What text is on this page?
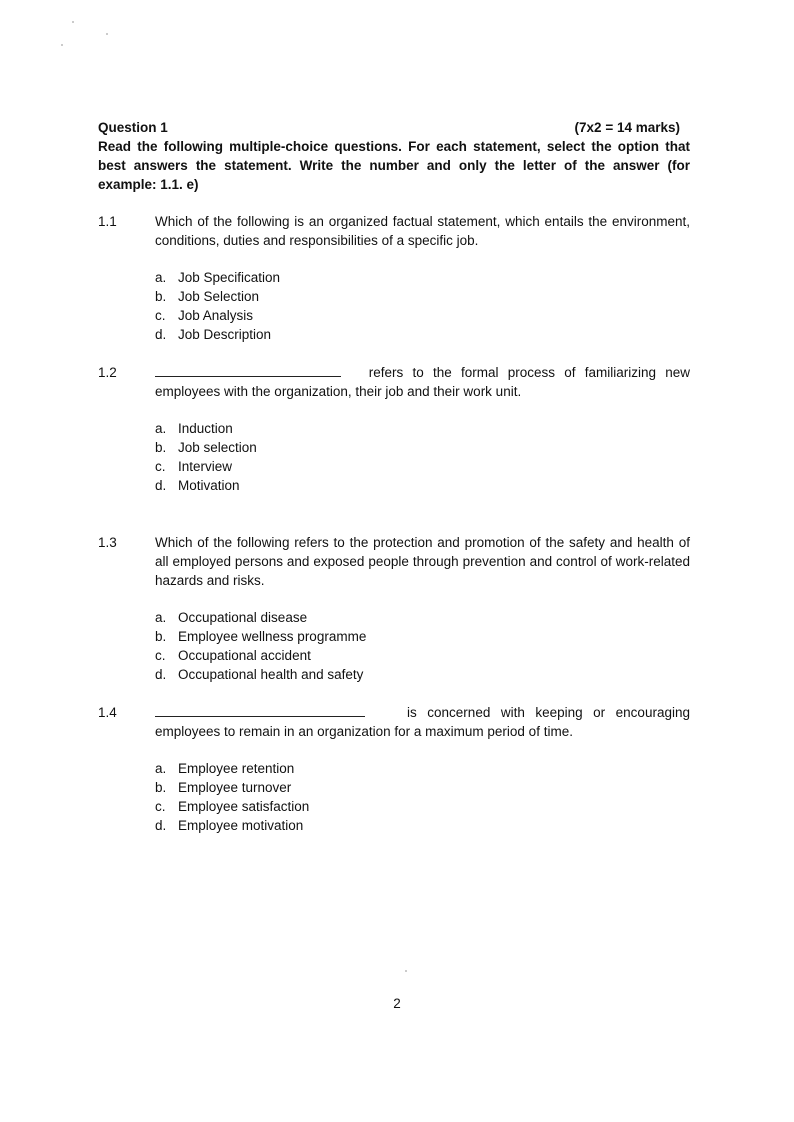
Question 1	(7x2 = 14 marks)
Read the following multiple-choice questions. For each statement, select the option that best answers the statement. Write the number and only the letter of the answer (for example: 1.1. e)
1.1	Which of the following is an organized factual statement, which entails the environment, conditions, duties and responsibilities of a specific job.

a. Job Specification
b. Job Selection
c. Job Analysis
d. Job Description
1.2	refers to the formal process of familiarizing new employees with the organization, their job and their work unit.

a. Induction
b. Job selection
c. Interview
d. Motivation
1.3	Which of the following refers to the protection and promotion of the safety and health of all employed persons and exposed people through prevention and control of work-related hazards and risks.

a. Occupational disease
b. Employee wellness programme
c. Occupational accident
d. Occupational health and safety
1.4	is concerned with keeping or encouraging employees to remain in an organization for a maximum period of time.

a. Employee retention
b. Employee turnover
c. Employee satisfaction
d. Employee motivation
2
